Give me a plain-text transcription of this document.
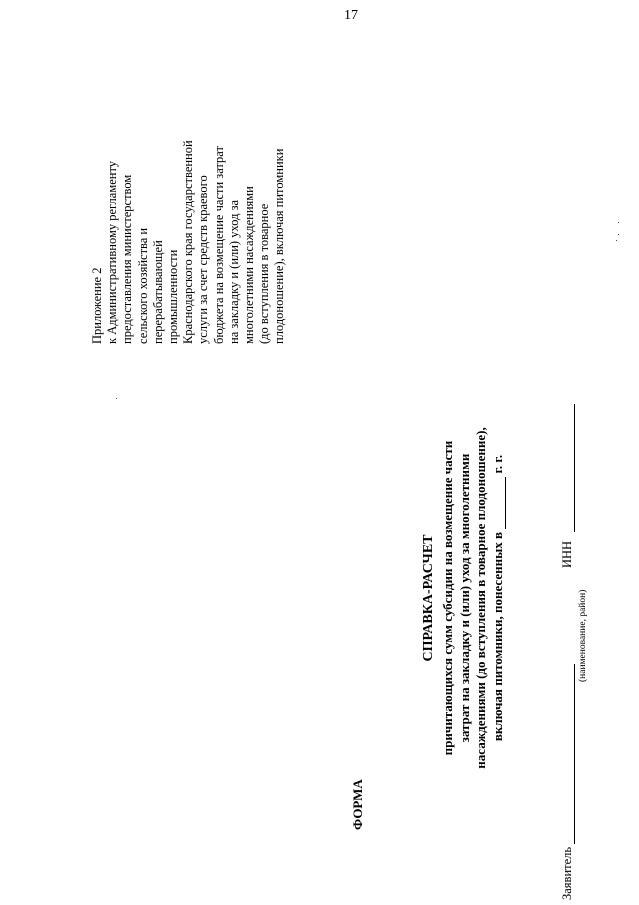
17
Приложение 2 к Административному регламенту предоставления министерством сельского хозяйства и перерабатывающей промышленности Краснодарского края государственной услуги за счет средств краевого бюджета на возмещение части затрат на закладку и (или) уход за многолетними насаждениями (до вступления в товарное плодоношение), включая питомники
ФОРМА
СПРАВКА-РАСЧЕТ причитающихся сумм субсидии на возмещение части затрат на закладку и (или) уход за многолетними насаждениями (до вступления в товарное плодоношение), включая питомники, понесенных в  г. г.
Заявитель
(наименование, район)
ИНН
